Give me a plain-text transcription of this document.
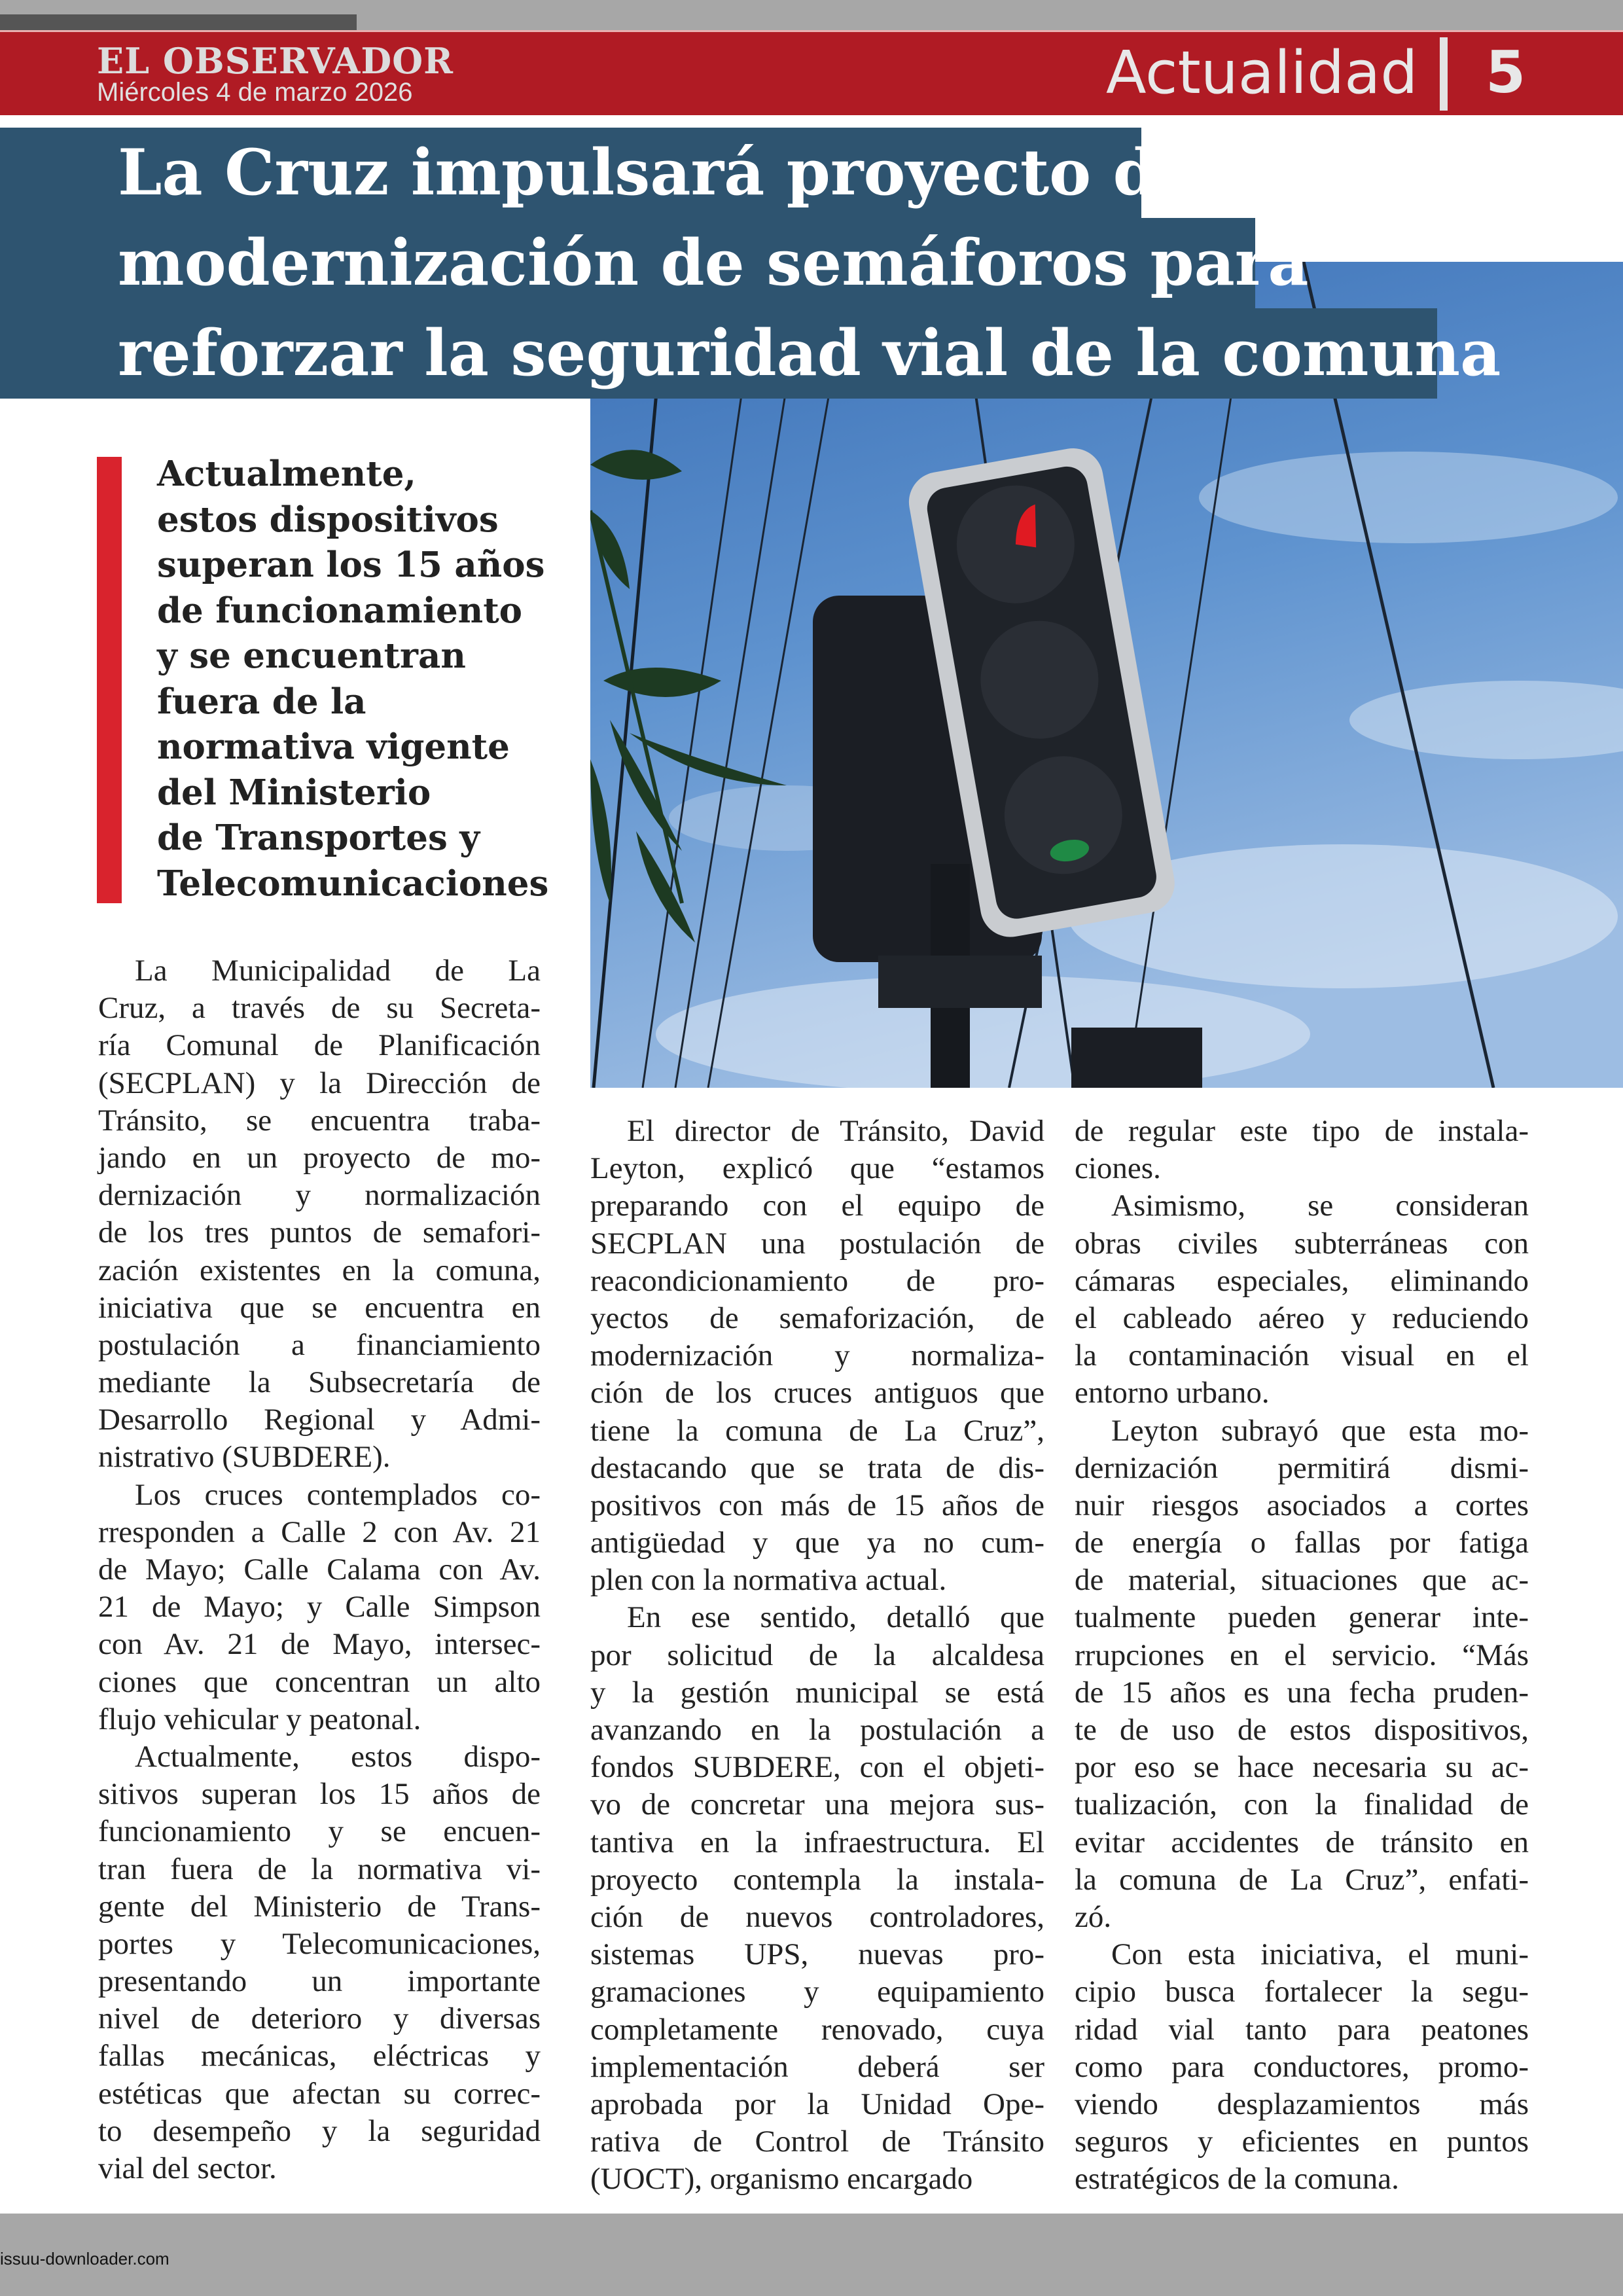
EL OBSERVADOR
Miércoles 4 de marzo 2026	Actualidad 5
La Cruz impulsará proyecto de
modernización de semáforos para
reforzar la seguridad vial de la comuna
Actualmente,
estos dispositivos
superan los 15 años
de funcionamiento
y se encuentran
fuera de la
normativa vigente
del Ministerio
de Transportes y
Telecomunicaciones
La Municipalidad de La
Cruz, a través de su Secreta-
ría Comunal de Planificación
(SECPLAN) y la Dirección de
Tránsito, se encuentra traba-
jando en un proyecto de mo-
dernización y normalización
de los tres puntos de semafori-
zación existentes en la comuna,
iniciativa que se encuentra en
postulación a financiamiento
mediante la Subsecretaría de
Desarrollo Regional y Admi-
nistrativo (SUBDERE).
Los cruces contemplados co-
rresponden a Calle 2 con Av. 21
de Mayo; Calle Calama con Av.
21 de Mayo; y Calle Simpson
con Av. 21 de Mayo, intersec-
ciones que concentran un alto
flujo vehicular y peatonal.
Actualmente, estos dispo-
sitivos superan los 15 años de
funcionamiento y se encuen-
tran fuera de la normativa vi-
gente del Ministerio de Trans-
portes y Telecomunicaciones,
presentando un importante
nivel de deterioro y diversas
fallas mecánicas, eléctricas y
estéticas que afectan su correc-
to desempeño y la seguridad
vial del sector.
El director de Tránsito, David
Leyton, explicó que “estamos
preparando con el equipo de
SECPLAN una postulación de
reacondicionamiento de pro-
yectos de semaforización, de
modernización y normaliza-
ción de los cruces antiguos que
tiene la comuna de La Cruz”,
destacando que se trata de dis-
positivos con más de 15 años de
antigüedad y que ya no cum-
plen con la normativa actual.
En ese sentido, detalló que
por solicitud de la alcaldesa
y la gestión municipal se está
avanzando en la postulación a
fondos SUBDERE, con el objeti-
vo de concretar una mejora sus-
tantiva en la infraestructura. El
proyecto contempla la instala-
ción de nuevos controladores,
sistemas UPS, nuevas pro-
gramaciones y equipamiento
completamente renovado, cuya
implementación deberá ser
aprobada por la Unidad Ope-
rativa de Control de Tránsito
(UOCT), organismo encargado
de regular este tipo de instala-
ciones.
Asimismo, se consideran
obras civiles subterráneas con
cámaras especiales, eliminando
el cableado aéreo y reduciendo
la contaminación visual en el
entorno urbano.
Leyton subrayó que esta mo-
dernización permitirá dismi-
nuir riesgos asociados a cortes
de energía o fallas por fatiga
de material, situaciones que ac-
tualmente pueden generar inte-
rrupciones en el servicio. “Más
de 15 años es una fecha pruden-
te de uso de estos dispositivos,
por eso se hace necesaria su ac-
tualización, con la finalidad de
evitar accidentes de tránsito en
la comuna de La Cruz”, enfati-
zó.
Con esta iniciativa, el muni-
cipio busca fortalecer la segu-
ridad vial tanto para peatones
como para conductores, promo-
viendo desplazamientos más
seguros y eficientes en puntos
estratégicos de la comuna.
issuu-downloader.com
